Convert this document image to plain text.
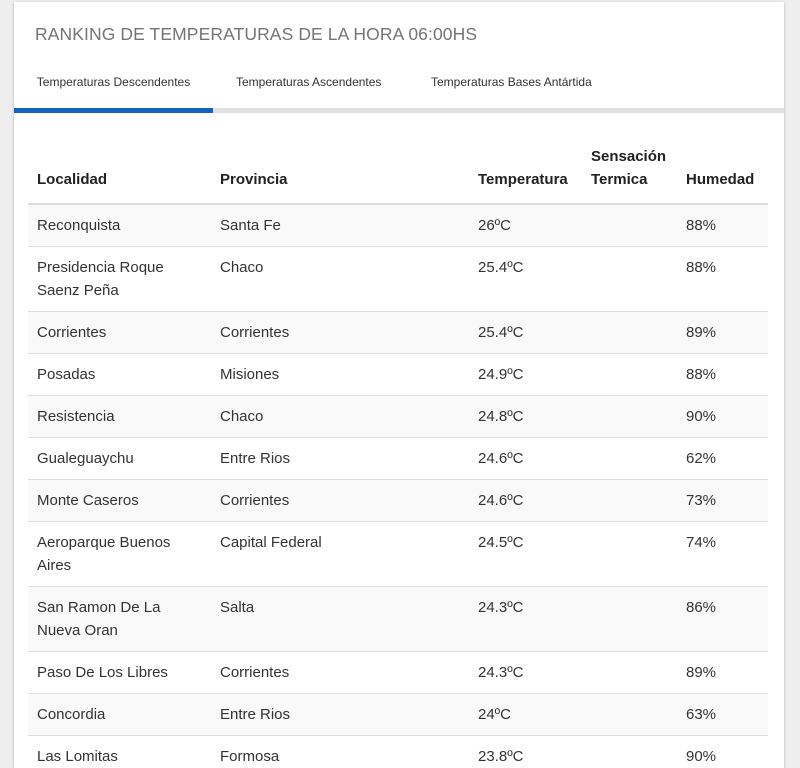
RANKING DE TEMPERATURAS DE LA HORA 06:00HS
Temperaturas Descendentes	Temperaturas Ascendentes	Temperaturas Bases Antártida
Localidad	Provincia	Temperatura	Sensación Termica	Humedad
Reconquista	Santa Fe	26ºC		88%
Presidencia Roque Saenz Peña	Chaco	25.4ºC		88%
Corrientes	Corrientes	25.4ºC		89%
Posadas	Misiones	24.9ºC		88%
Resistencia	Chaco	24.8ºC		90%
Gualeguaychu	Entre Rios	24.6ºC		62%
Monte Caseros	Corrientes	24.6ºC		73%
Aeroparque Buenos Aires	Capital Federal	24.5ºC		74%
San Ramon De La Nueva Oran	Salta	24.3ºC		86%
Paso De Los Libres	Corrientes	24.3ºC		89%
Concordia	Entre Rios	24ºC		63%
Las Lomitas	Formosa	23.8ºC		90%
